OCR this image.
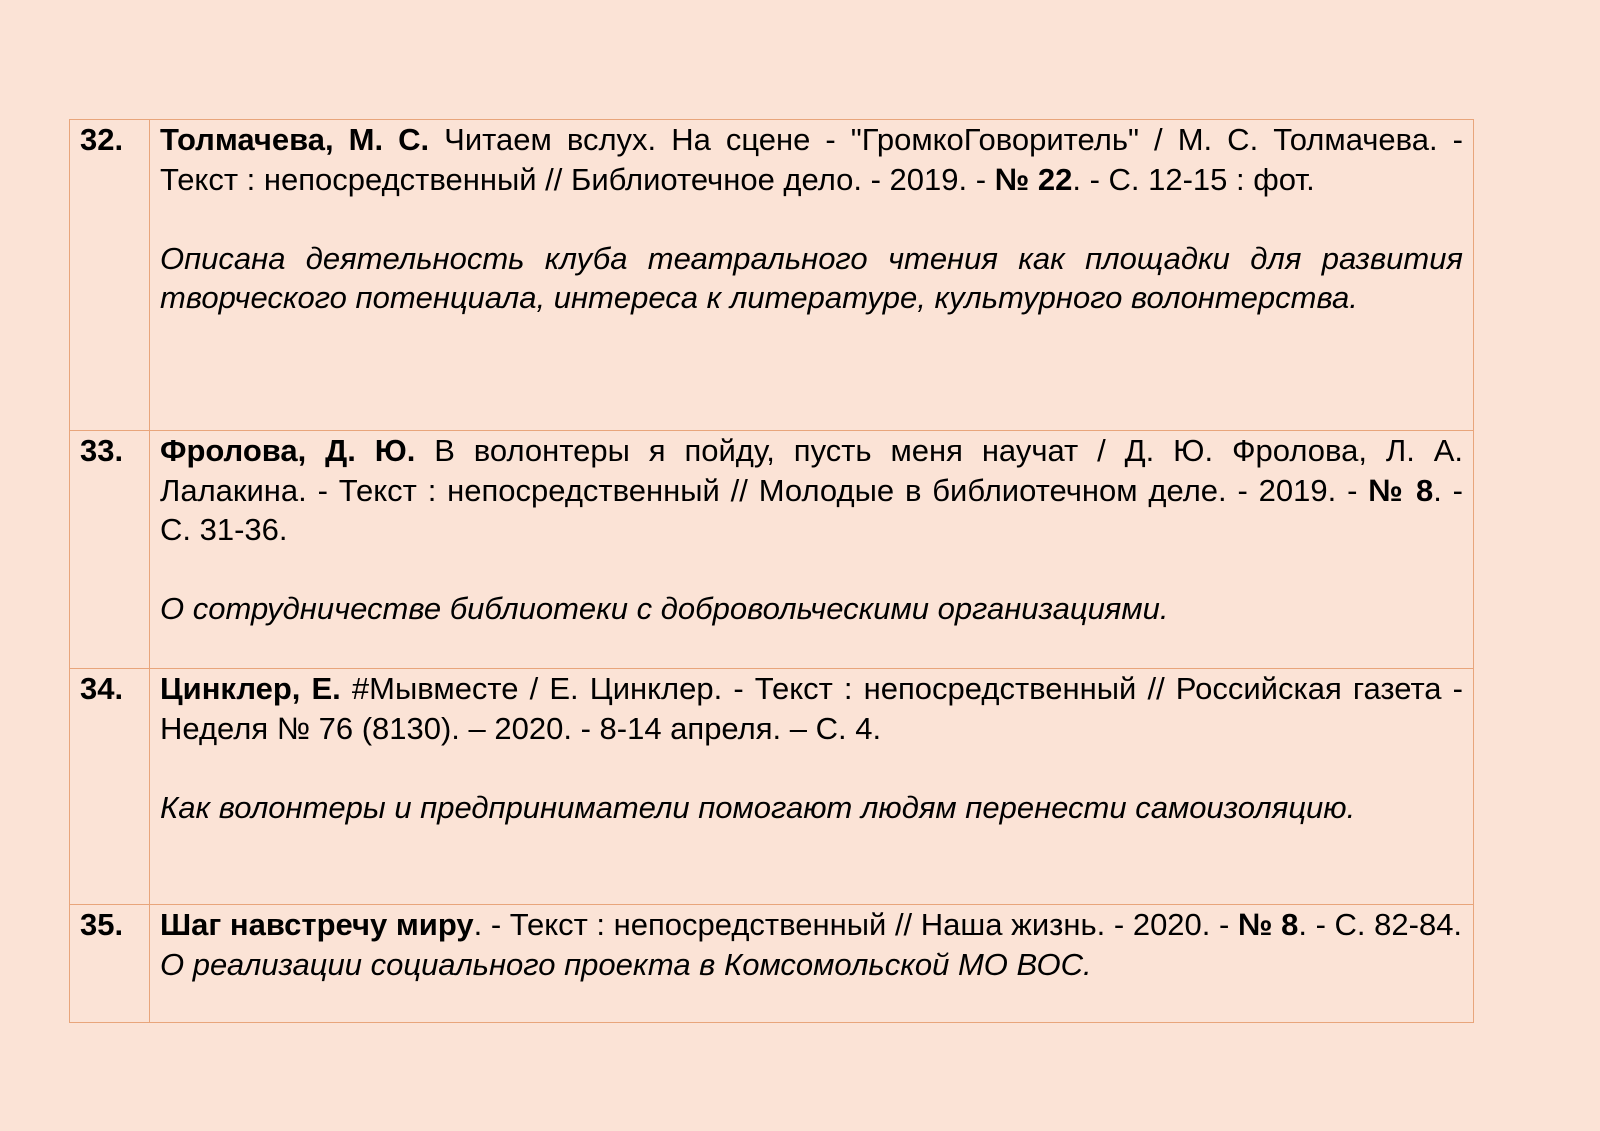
32.	Толмачева, М. С. Читаем вслух. На сцене - "ГромкоГоворитель" / М. С. Толмачева. - Текст : непосредственный // Библиотечное дело. - 2019. - № 22. - С. 12-15 : фот.

Описана деятельность клуба театрального чтения как площадки для развития творческого потенциала, интереса к литературе, культурного волонтерства.

33.	Фролова, Д. Ю. В волонтеры я пойду, пусть меня научат / Д. Ю. Фролова, Л. А. Лалакина. - Текст : непосредственный // Молодые в библиотечном деле. - 2019. - № 8. - С. 31-36.

О сотрудничестве библиотеки с добровольческими организациями.

34.	Цинклер, Е. #Мывместе / Е. Цинклер. - Текст : непосредственный // Российская газета - Неделя № 76 (8130). – 2020. - 8-14 апреля. – С. 4.

Как волонтеры и предприниматели помогают людям перенести самоизоляцию.

35.	Шаг навстречу миру. - Текст : непосредственный // Наша жизнь. - 2020. - № 8. - С. 82-84.

О реализации социального проекта в Комсомольской МО ВОС.
